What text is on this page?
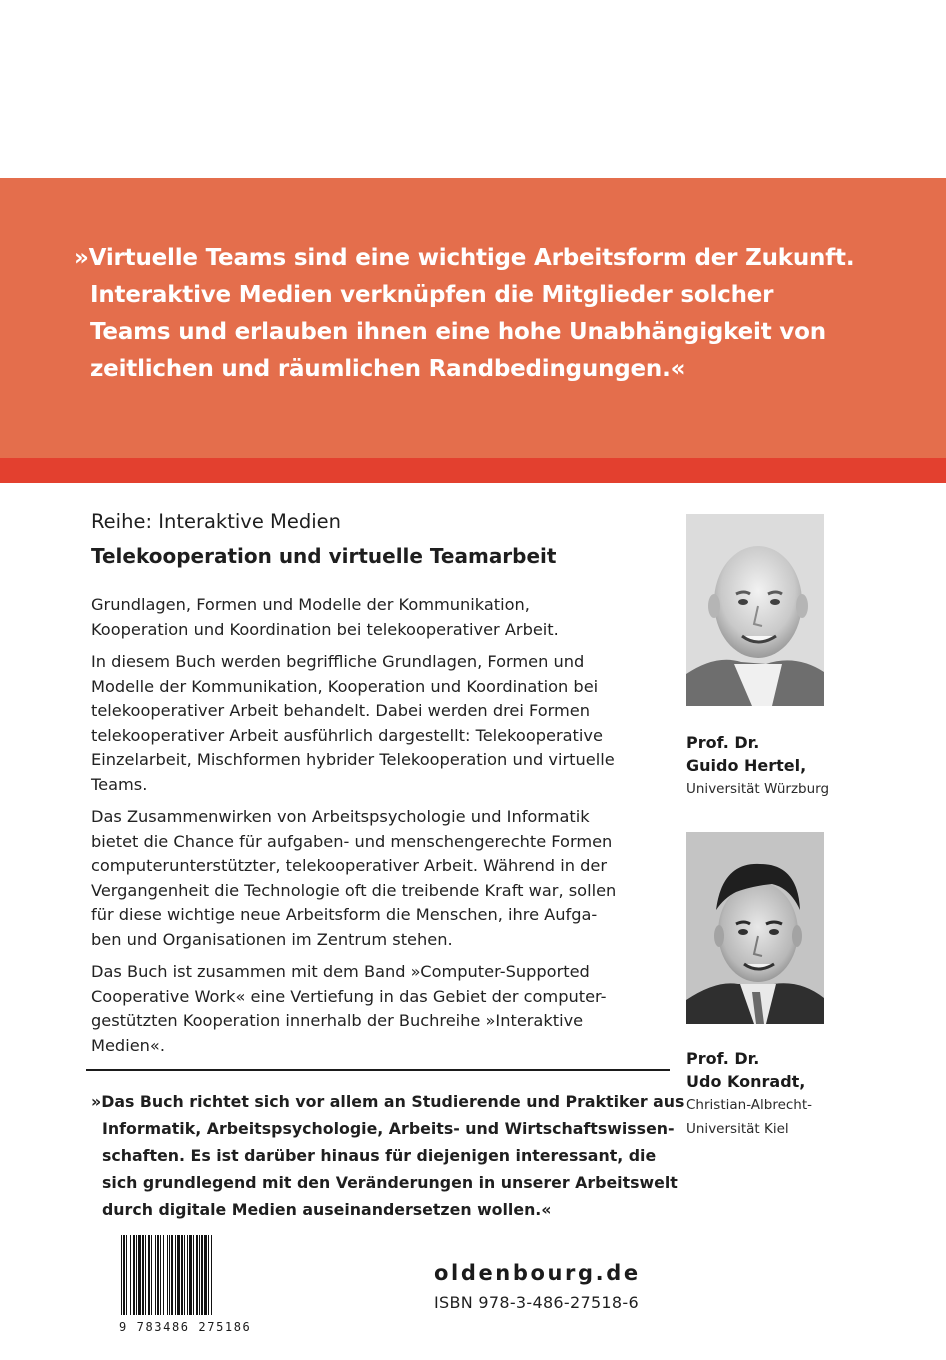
»Virtuelle Teams sind eine wichtige Arbeitsform der Zukunft.
Interaktive Medien verknüpfen die Mitglieder solcher
Teams und erlauben ihnen eine hohe Unabhängigkeit von
zeitlichen und räumlichen Randbedingungen.«
Reihe: Interaktive Medien
Telekooperation und virtuelle Teamarbeit

Grundlagen, Formen und Modelle der Kommunikation,
Kooperation und Koordination bei telekooperativer Arbeit.

In diesem Buch werden begriffliche Grundlagen, Formen und
Modelle der Kommunikation, Kooperation und Koordination bei
telekooperativer Arbeit behandelt. Dabei werden drei Formen
telekooperativer Arbeit ausführlich dargestellt: Telekooperative
Einzelarbeit, Mischformen hybrider Telekooperation und virtuelle
Teams.

Das Zusammenwirken von Arbeitspsychologie und Informatik
bietet die Chance für aufgaben- und menschengerechte Formen
computerunterstützter, telekooperativer Arbeit. Während in der
Vergangenheit die Technologie oft die treibende Kraft war, sollen
für diese wichtige neue Arbeitsform die Menschen, ihre Aufga-
ben und Organisationen im Zentrum stehen.

Das Buch ist zusammen mit dem Band »Computer-Supported
Cooperative Work« eine Vertiefung in das Gebiet der computer-
gestützten Kooperation innerhalb der Buchreihe »Interaktive
Medien«.

»Das Buch richtet sich vor allem an Studierende und Praktiker aus
Informatik, Arbeitspsychologie, Arbeits- und Wirtschaftswissen-
schaften. Es ist darüber hinaus für diejenigen interessant, die
sich grundlegend mit den Veränderungen in unserer Arbeitswelt
durch digitale Medien auseinandersetzen wollen.«
Prof. Dr.
Guido Hertel,
Universität Würzburg
Prof. Dr.
Udo Konradt,
Christian-Albrecht-
Universität Kiel
9 783486 275186
oldenbourg.de
ISBN 978-3-486-27518-6
